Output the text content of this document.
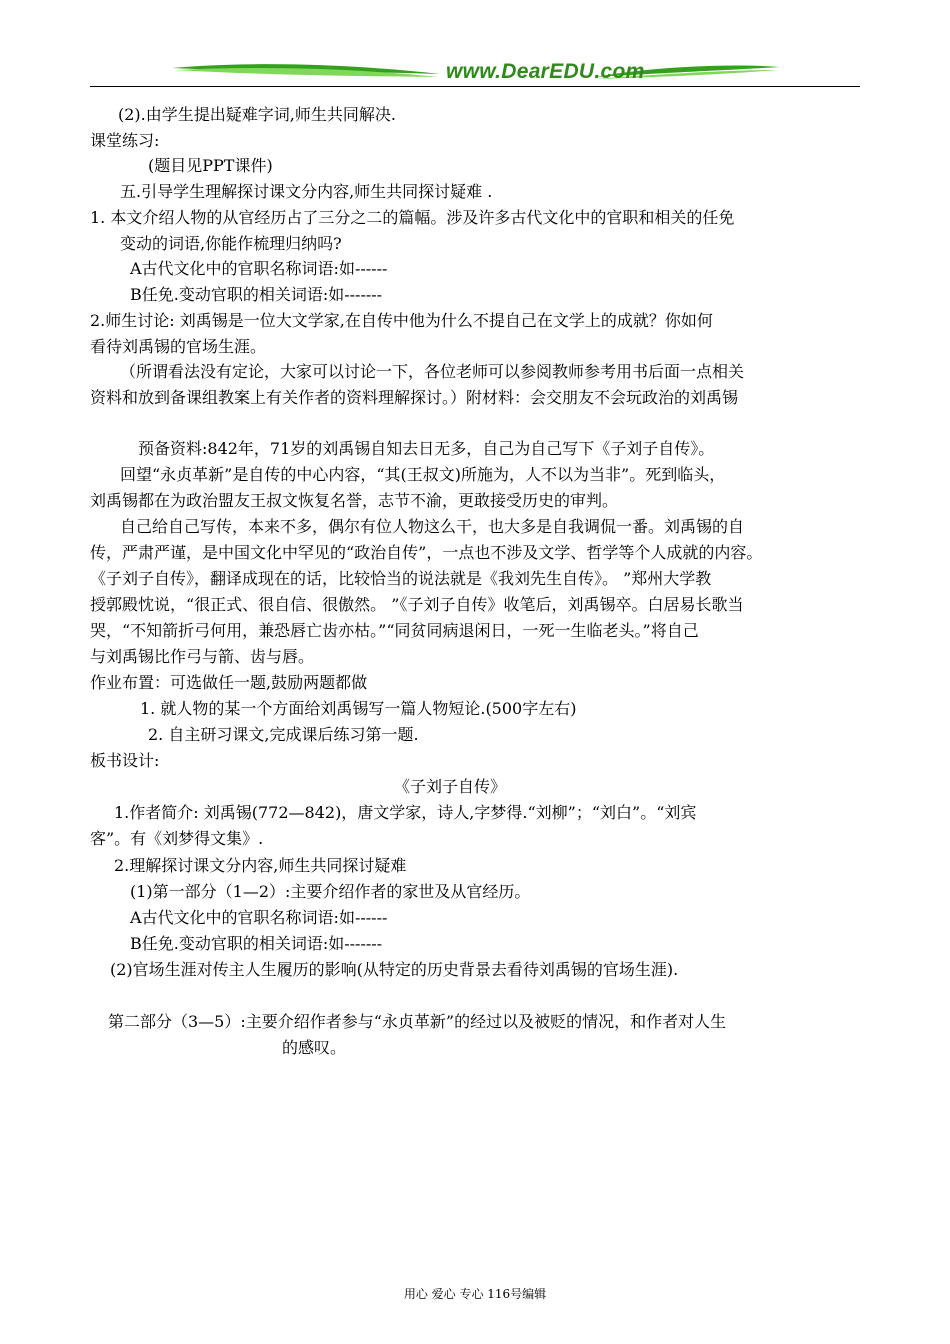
www.DearEDU.com
(2).由学生提出疑难字词,师生共同解决.
课堂练习:
(题目见PPT课件)
五.引导学生理解探讨课文分内容,师生共同探讨疑难 .
1. 本文介绍人物的从官经历占了三分之二的篇幅。涉及许多古代文化中的官职和相关的任免
变动的词语,你能作梳理归纳吗?
A古代文化中的官职名称词语:如------
B任免.变动官职的相关词语:如-------
2.师生讨论: 刘禹锡是一位大文学家,在自传中他为什么不提自己在文学上的成就？你如何
看待刘禹锡的官场生涯。
（所谓看法没有定论，大家可以讨论一下，各位老师可以参阅教师参考用书后面一点相关
资料和放到备课组教案上有关作者的资料理解探讨。）附材料：会交朋友不会玩政治的刘禹锡
预备资料:842年，71岁的刘禹锡自知去日无多，自己为自己写下《子刘子自传》。
回望“永贞革新”是自传的中心内容，“其(王叔文)所施为，人不以为当非”。死到临头，
刘禹锡都在为政治盟友王叔文恢复名誉，志节不渝，更敢接受历史的审判。
自己给自己写传，本来不多，偶尔有位人物这么干，也大多是自我调侃一番。刘禹锡的自
传，严肃严谨，是中国文化中罕见的“政治自传”，一点也不涉及文学、哲学等个人成就的内容。
《子刘子自传》，翻译成现在的话，比较恰当的说法就是《我刘先生自传》。 ”郑州大学教
授郭殿忱说，“很正式、很自信、很傲然。 ”《子刘子自传》收笔后，刘禹锡卒。白居易长歌当
哭，“不知箭折弓何用，兼恐唇亡齿亦枯。”“同贫同病退闲日，一死一生临老头。”将自己
与刘禹锡比作弓与箭、齿与唇。
作业布置：可选做任一题,鼓励两题都做
1. 就人物的某一个方面给刘禹锡写一篇人物短论.(500字左右)
2. 自主研习课文,完成课后练习第一题.
板书设计:
《子刘子自传》
1.作者简介: 刘禹锡(772—842)，唐文学家，诗人,字梦得.“刘柳”；“刘白”。“刘宾
客”。有《刘梦得文集》.
2.理解探讨课文分内容,师生共同探讨疑难
(1)第一部分（1—2）:主要介绍作者的家世及从官经历。
A古代文化中的官职名称词语:如------
B任免.变动官职的相关词语:如-------
(2)官场生涯对传主人生履历的影响(从特定的历史背景去看待刘禹锡的官场生涯).
第二部分（3—5）:主要介绍作者参与“永贞革新”的经过以及被贬的情况，和作者对人生
的感叹。
用心 爱心 专心 116号编辑
